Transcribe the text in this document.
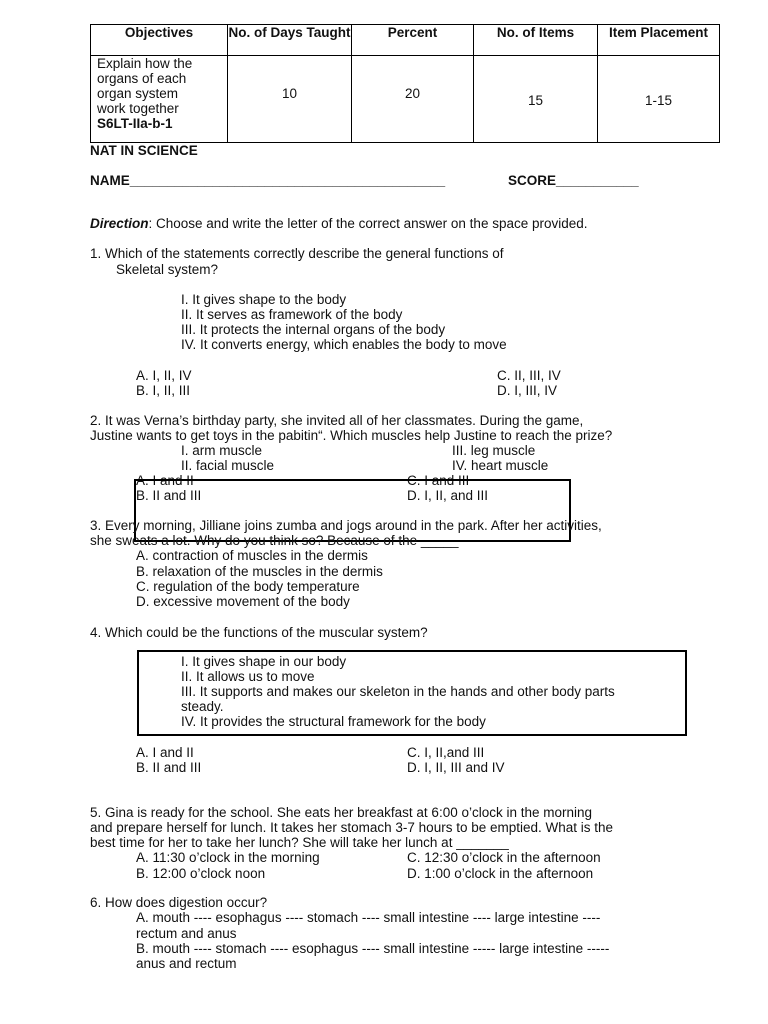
Objectives	No. of Days Taught	Percent	No. of Items	Item Placement

Explain how the
organs of each
organ system
work together
S6LT-IIa-b-1	10	20	15	1-15
NAT IN SCIENCE
NAME__________________________________________	SCORE___________
Direction: Choose and write the letter of the correct answer on the space provided.
1. Which of the statements correctly describe the general functions of
Skeletal system?
I. It gives shape to the body
II. It serves as framework of the body
III. It protects the internal organs of the body
IV. It converts energy, which enables the body to move
A. I, II, IV
B. I, II, III
C. II, III, IV
D. I, III, IV
2. It was Verna’s birthday party, she invited all of her classmates. During the game,
Justine wants to get toys in the pabitin“. Which muscles help Justine to reach the prize?
I. arm muscle
II. facial muscle
III. leg muscle
IV. heart muscle
A. I and II
B. II and III
C. I and III
D. I, II, and III
3. Every morning, Jilliane joins zumba and jogs around in the park. After her activities,
she sweats a lot. Why do you think so? Because of the _____
A. contraction of muscles in the dermis
B. relaxation of the muscles in the dermis
C. regulation of the body temperature
D. excessive movement of the body
4. Which could be the functions of the muscular system?
I. It gives shape in our body
II. It allows us to move
III. It supports and makes our skeleton in the hands and other body parts
steady.
IV. It provides the structural framework for the body
A. I and II
B. II and III
C. I, II,and III
D. I, II, III and IV
5. Gina is ready for the school. She eats her breakfast at 6:00 o’clock in the morning
and prepare herself for lunch. It takes her stomach 3-7 hours to be emptied. What is the
best time for her to take her lunch? She will take her lunch at _______
A. 11:30 o’clock in the morning
B. 12:00 o’clock noon
C. 12:30 o’clock in the afternoon
D. 1:00 o’clock in the afternoon
6. How does digestion occur?
A. mouth ---- esophagus ---- stomach ---- small intestine ---- large intestine ----
rectum and anus
B. mouth ---- stomach ---- esophagus ---- small intestine ----- large intestine -----
anus and rectum
